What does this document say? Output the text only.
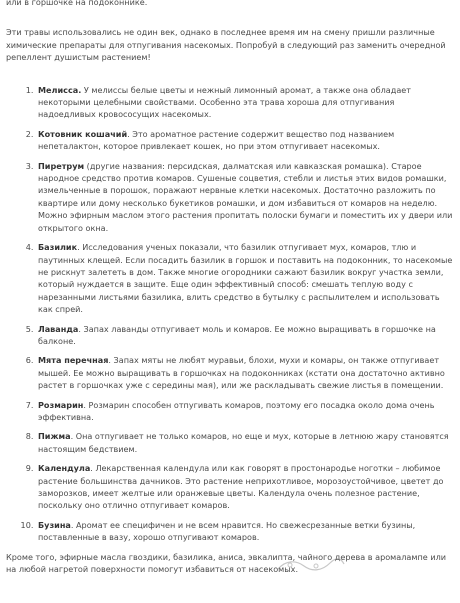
или в горшочке на подоконнике.

Эти травы использовались не один век, однако в последнее время им на смену пришли различные химические препараты для отпугивания насекомых. Попробуй в следующий раз заменить очередной репеллент душистым растением!

1. Мелисса. У мелиссы белые цветы и нежный лимонный аромат, а также она обладает некоторыми целебными свойствами. Особенно эта трава хороша для отпугивания надоедливых кровососущих насекомых.
2. Котовник кошачий. Это ароматное растение содержит вещество под названием непеталактон, которое привлекает кошек, но при этом отпугивает насекомых.
3. Пиретрум (другие названия: персидская, далматская или кавказская ромашка). Старое народное средство против комаров. Сушеные соцветия, стебли и листья этих видов ромашки, измельченные в порошок, поражают нервные клетки насекомых. Достаточно разложить по квартире или дому несколько букетиков ромашки, и дом избавиться от комаров на неделю. Можно эфирным маслом этого растения пропитать полоски бумаги и поместить их у двери или открытого окна.
4. Базилик. Исследования ученых показали, что базилик отпугивает мух, комаров, тлю и паутинных клещей. Если посадить базилик в горшок и поставить на подоконник, то насекомые не рискнут залететь в дом. Также многие огородники сажают базилик вокруг участка земли, который нуждается в защите. Еще один эффективный способ: смешать теплую воду с нарезанными листьями базилика, влить средство в бутылку с распылителем и использовать как спрей.
5. Лаванда. Запах лаванды отпугивает моль и комаров. Ее можно выращивать в горшочке на балконе.
6. Мята перечная. Запах мяты не любят муравьи, блохи, мухи и комары, он также отпугивает мышей. Ее можно выращивать в горшочках на подоконниках (кстати она достаточно активно растет в горшочках уже с середины мая), или же раскладывать свежие листья в помещении.
7. Розмарин. Розмарин способен отпугивать комаров, поэтому его посадка около дома очень эффективна.
8. Пижма. Она отпугивает не только комаров, но еще и мух, которые в летнюю жару становятся настоящим бедствием.
9. Календула. Лекарственная календула или как говорят в простонародье ноготки – любимое растение большинства дачников. Это растение неприхотливое, морозоустойчивое, цветет до заморозков, имеет желтые или оранжевые цветы. Календула очень полезное растение, поскольку оно отлично отпугивает комаров.
10. Бузина. Аромат ее специфичен и не всем нравится. Но свежесрезанные ветки бузины, поставленные в вазу, хорошо отпугивают комаров.

Кроме того, эфирные масла гвоздики, базилика, аниса, эвкалипта, чайного дерева в аромалампе или на любой нагретой поверхности помогут избавиться от насекомых.
